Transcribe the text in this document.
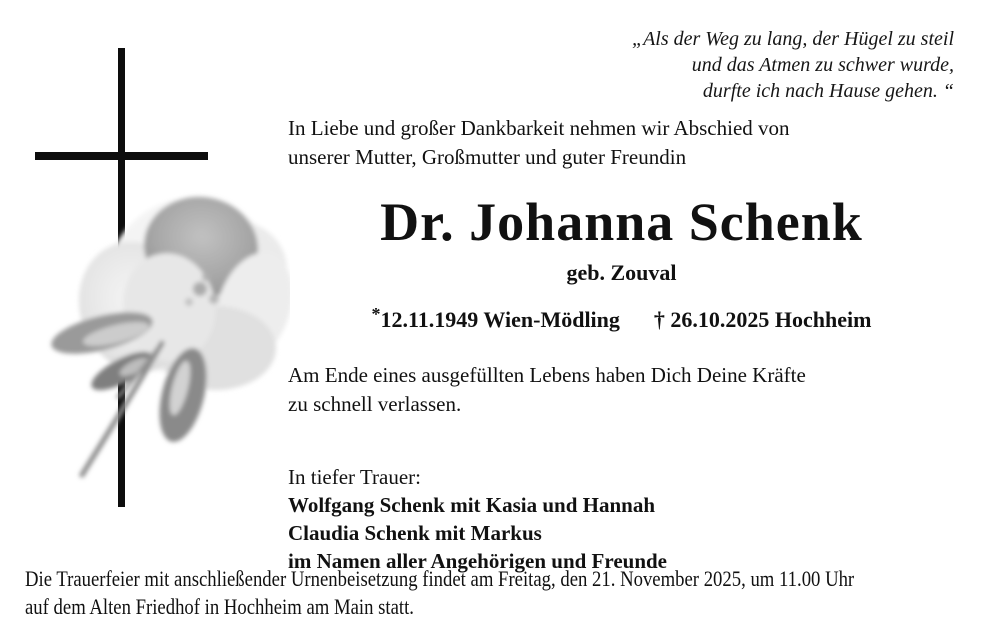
„Als der Weg zu lang, der Hügel zu steil
und das Atmen zu schwer wurde,
durfte ich nach Hause gehen. “

In Liebe und großer Dankbarkeit nehmen wir Abschied von
unserer Mutter, Großmutter und guter Freundin

Dr. Johanna Schenk
geb. Zouval
*12.11.1949 Wien-Mödling † 26.10.2025 Hochheim

Am Ende eines ausgefüllten Lebens haben Dich Deine Kräfte
zu schnell verlassen.

In tiefer Trauer:
Wolfgang Schenk mit Kasia und Hannah
Claudia Schenk mit Markus
im Namen aller Angehörigen und Freunde
Die Trauerfeier mit anschließender Urnenbeisetzung findet am Freitag, den 21. November 2025, um 11.00 Uhr
auf dem Alten Friedhof in Hochheim am Main statt.
